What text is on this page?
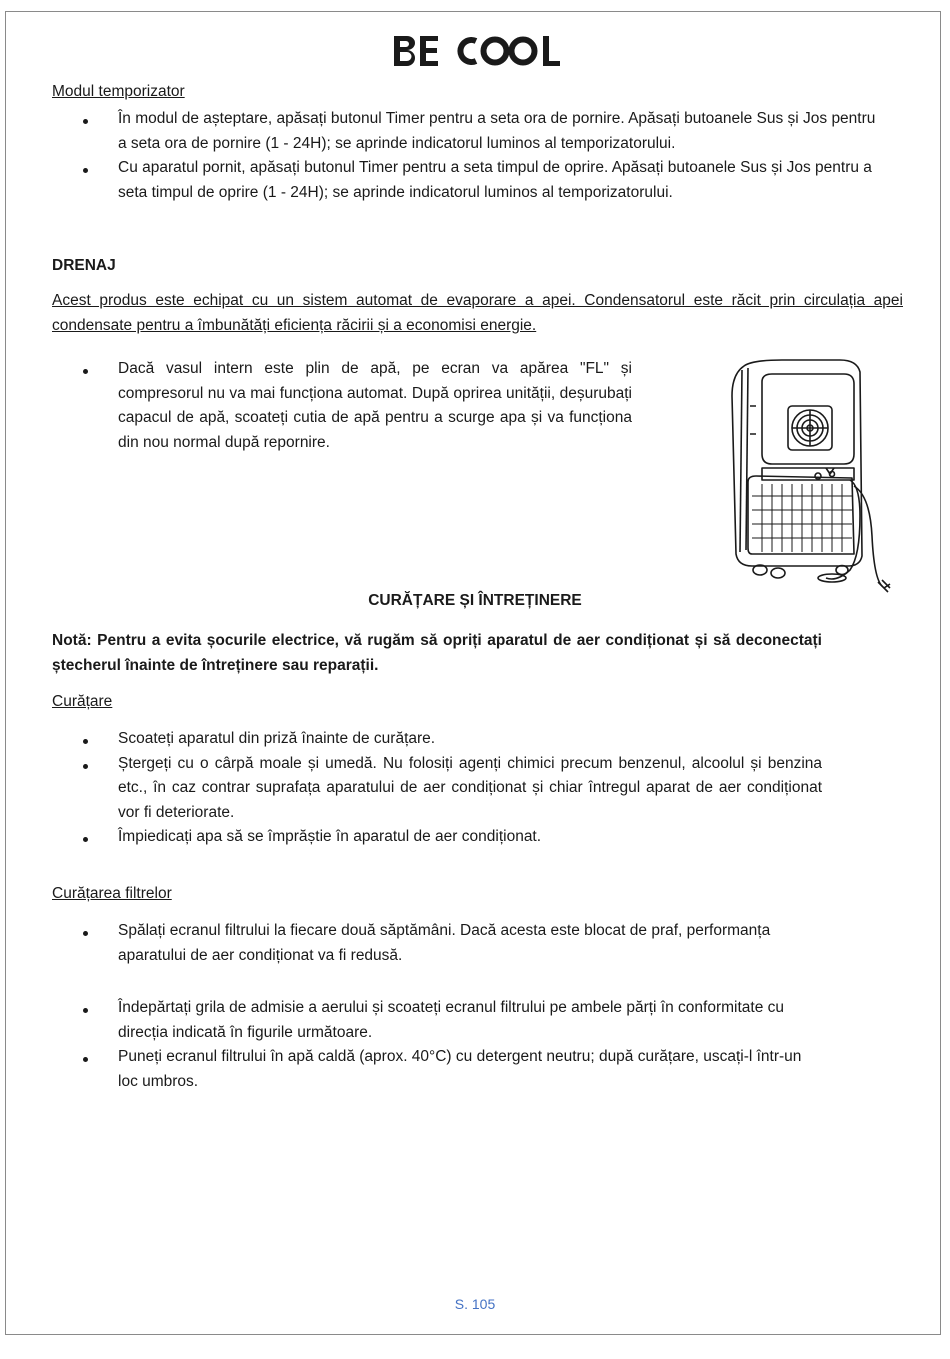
Modul temporizator
În modul de așteptare, apăsați butonul Timer pentru a seta ora de pornire. Apăsați butoanele Sus și Jos pentru a seta ora de pornire (1 - 24H); se aprinde indicatorul luminos al temporizatorului.
Cu aparatul pornit, apăsați butonul Timer pentru a seta timpul de oprire. Apăsați butoanele Sus și Jos pentru a seta timpul de oprire (1 - 24H); se aprinde indicatorul luminos al temporizatorului.
DRENAJ
Acest produs este echipat cu un sistem automat de evaporare a apei. Condensatorul este răcit prin circulația apei condensate pentru a îmbunătăți eficiența răcirii și a economisi energie.
Dacă vasul intern este plin de apă, pe ecran va apărea "FL" și compresorul nu va mai funcționa automat. După oprirea unității, deșurubați capacul de apă, scoateți cutia de apă pentru a scurge apa și va funcționa din nou normal după repornire.
CURĂȚARE ȘI ÎNTREȚINERE
Notă: Pentru a evita șocurile electrice, vă rugăm să opriți aparatul de aer condiționat și să deconectați ștecherul înainte de întreținere sau reparații.
Curățare
Scoateți aparatul din priză înainte de curățare.
Ștergeți cu o cârpă moale și umedă. Nu folosiți agenți chimici precum benzenul, alcoolul și benzina etc., în caz contrar suprafața aparatului de aer condiționat și chiar întregul aparat de aer condiționat vor fi deteriorate.
Împiedicați apa să se împrăștie în aparatul de aer condiționat.
Curățarea filtrelor
Spălați ecranul filtrului la fiecare două săptămâni. Dacă acesta este blocat de praf, performanța aparatului de aer condiționat va fi redusă.
Îndepărtați grila de admisie a aerului și scoateți ecranul filtrului pe ambele părți în conformitate cu direcția indicată în figurile următoare.
Puneți ecranul filtrului în apă caldă (aprox. 40°C) cu detergent neutru; după curățare, uscați-l într-un loc umbros.
S. 105
